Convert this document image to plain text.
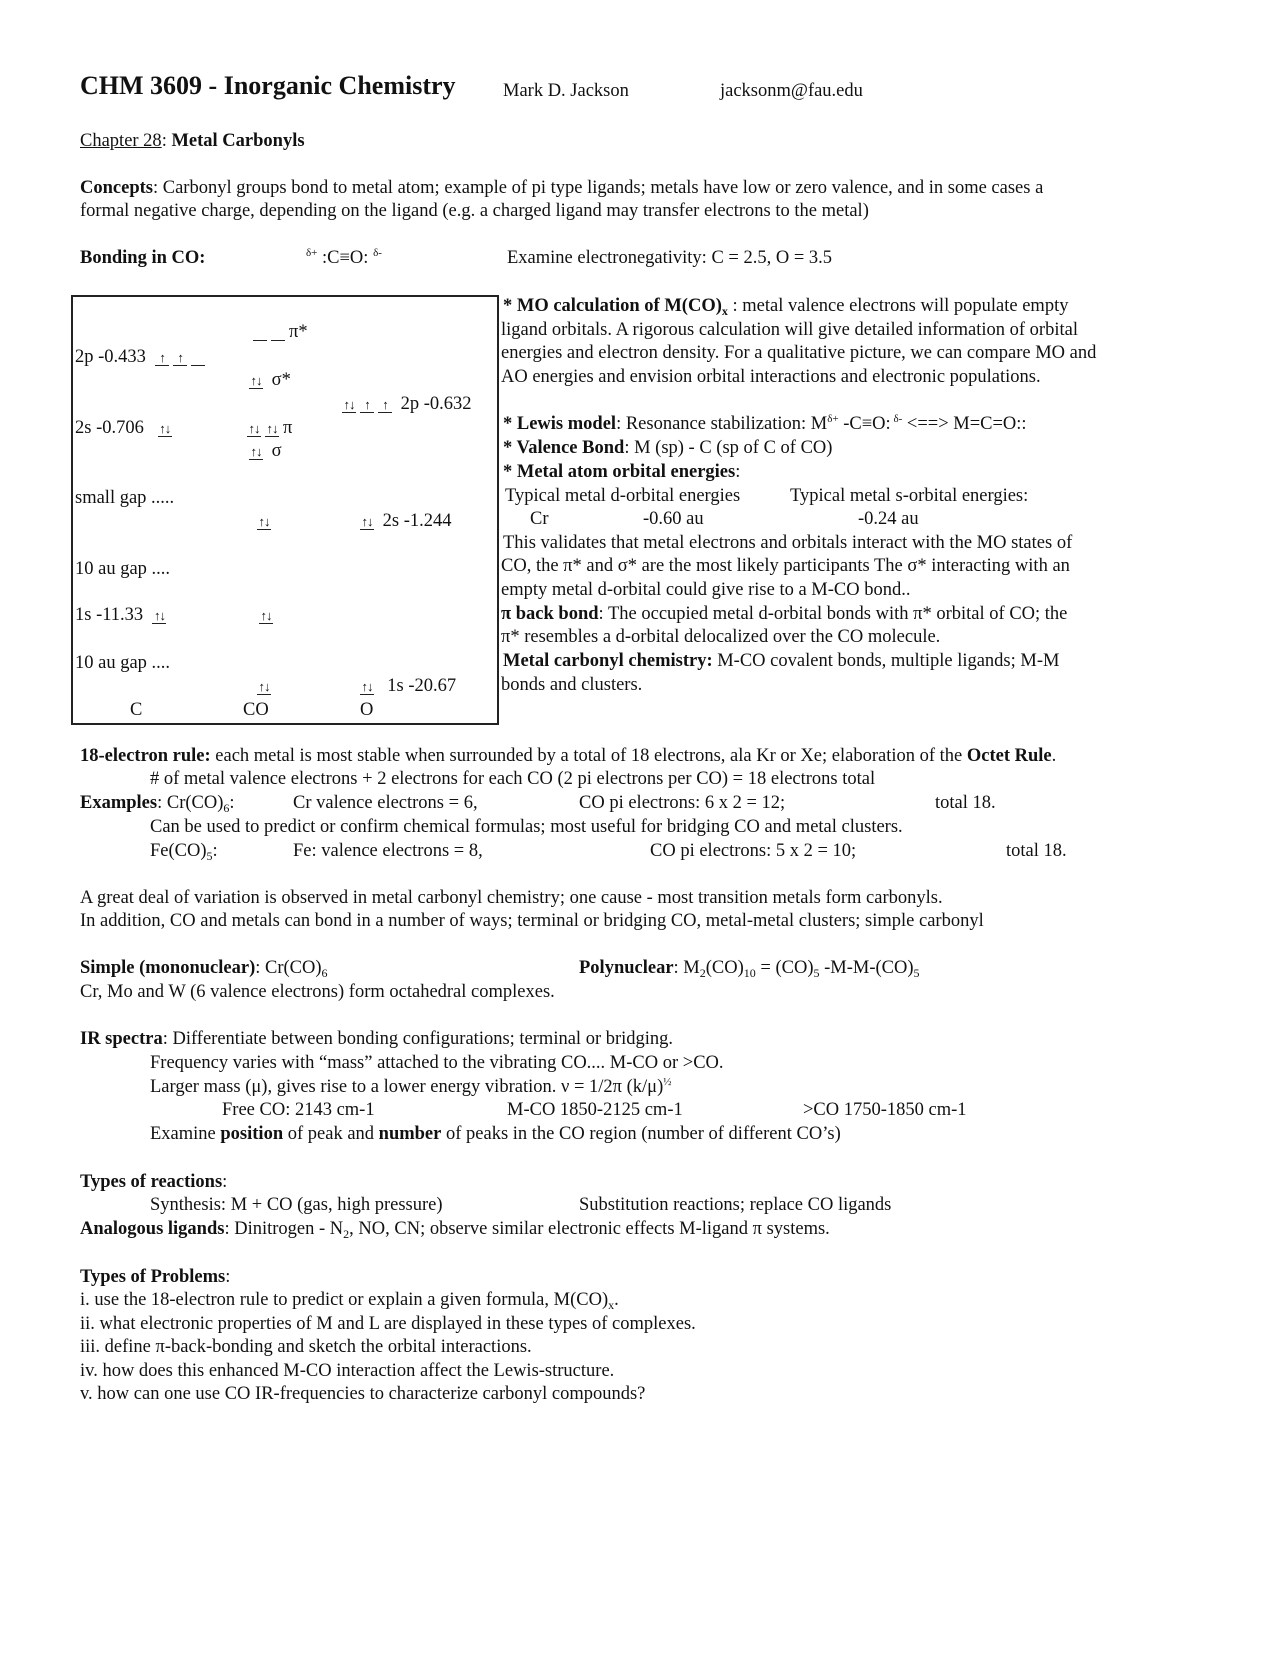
CHM 3609 - Inorganic Chemistry	Mark D. Jackson	jacksonm@fau.edu
Chapter 28: Metal Carbonyls
Concepts: Carbonyl groups bond to metal atom; example of pi type ligands; metals have low or zero valence, and in some cases a
formal negative charge, depending on the ligand (e.g. a charged ligand may transfer electrons to the metal)
Bonding in CO:	$^{\delta+}$ :C≡O: $^{\delta-}$	Examine electronegativity: C = 2.5, O = 3.5
π*
2p -0.433 ↑ ↑
↑↓ σ*
↑↓ ↑ ↑ 2p -0.632
2s -0.706 ↑↓	↑↓ ↑↓ π
↑↓ σ
small gap .....
↑↓	↑↓ 2s -1.244
10 au gap ....
1s -11.33 ↑↓	↑↓
10 au gap ....
↑↓	↑↓ 1s -20.67
C	CO	O
* MO calculation of $M(CO)_x$ : metal valence electrons will populate empty
ligand orbitals. A rigorous calculation will give detailed information of orbital
energies and electron density. For a qualitative picture, we can compare MO and
AO energies and envision orbital interactions and electronic populations.
* Lewis model: Resonance stabilization: $M^{\delta+}$ -C≡O: $^{\delta-}$ <==> M=C=O::
* Valence Bond: M (sp) - C (sp of C of CO)
* Metal atom orbital energies:
Typical metal d-orbital energies	Typical metal s-orbital energies:
Cr	-0.60 au	-0.24 au
This validates that metal electrons and orbitals interact with the MO states of
CO, the π* and σ* are the most likely participants The σ* interacting with an
empty metal d-orbital could give rise to a M-CO bond..
π back bond: The occupied metal d-orbital bonds with π* orbital of CO; the
π* resembles a d-orbital delocalized over the CO molecule.
Metal carbonyl chemistry: M-CO covalent bonds, multiple ligands; M-M
bonds and clusters.
18-electron rule: each metal is most stable when surrounded by a total of 18 electrons, ala Kr or Xe; elaboration of the Octet Rule.
# of metal valence electrons + 2 electrons for each CO (2 pi electrons per CO) = 18 electrons total
Examples: $Cr(CO)_6$:	Cr valence electrons = 6,	CO pi electrons: 6 x 2 = 12;	total 18.
Can be used to predict or confirm chemical formulas; most useful for bridging CO and metal clusters.
$Fe(CO)_5$:	Fe: valence electrons = 8,	CO pi electrons: 5 x 2 = 10;	total 18.
A great deal of variation is observed in metal carbonyl chemistry; one cause - most transition metals form carbonyls.
In addition, CO and metals can bond in a number of ways; terminal or bridging CO, metal-metal clusters; simple carbonyl
Simple (mononuclear): $Cr(CO)_6$	Polynuclear: $M_2(CO)_{10} = (CO)_5$ $-M-M-(CO)_5$
Cr, Mo and W (6 valence electrons) form octahedral complexes.
IR spectra: Differentiate between bonding configurations; terminal or bridging.
Frequency varies with “mass” attached to the vibrating CO.... M-CO or >CO.
Larger mass (μ), gives rise to a lower energy vibration. ν = 1/2π $(k/\mu)^{\frac{1}{2}}$
Free CO: 2143 cm-1	M-CO 1850-2125 cm-1	>CO 1750-1850 cm-1
Examine position of peak and number of peaks in the CO region (number of different CO’s)
Types of reactions:
Synthesis: M + CO (gas, high pressure)	Substitution reactions; replace CO ligands
Analogous ligands: Dinitrogen - $N_2$, NO, CN; observe similar electronic effects M-ligand π systems.
Types of Problems:
i. use the 18-electron rule to predict or explain a given formula, $M(CO)_x$.
ii. what electronic properties of M and L are displayed in these types of complexes.
iii. define π-back-bonding and sketch the orbital interactions.
iv. how does this enhanced M-CO interaction affect the Lewis-structure.
v. how can one use CO IR-frequencies to characterize carbonyl compounds?
